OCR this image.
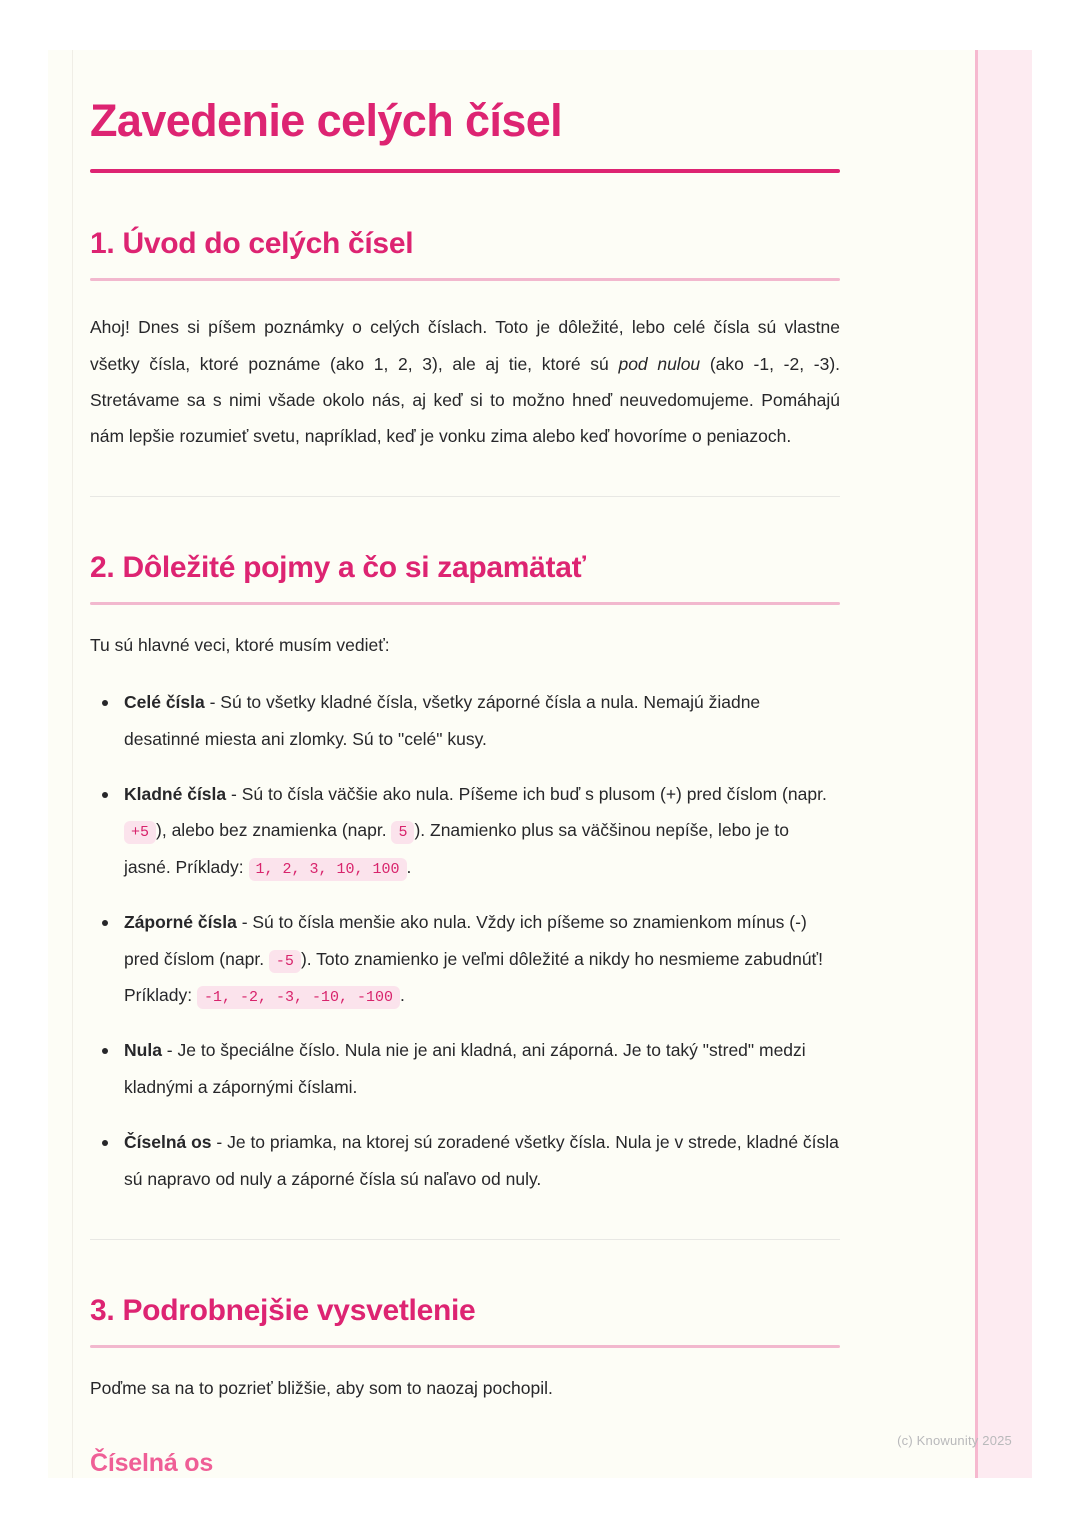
Zavedenie celých čísel
1. Úvod do celých čísel

Ahoj! Dnes si píšem poznámky o celých číslach. Toto je dôležité, lebo celé čísla sú vlastne všetky čísla, ktoré poznáme (ako 1, 2, 3), ale aj tie, ktoré sú pod nulou (ako -1, -2, -3). Stretávame sa s nimi všade okolo nás, aj keď si to možno hneď neuvedomujeme. Pomáhajú nám lepšie rozumieť svetu, napríklad, keď je vonku zima alebo keď hovoríme o peniazoch.

2. Dôležité pojmy a čo si zapamätať

Tu sú hlavné veci, ktoré musím vedieť:

Celé čísla - Sú to všetky kladné čísla, všetky záporné čísla a nula. Nemajú žiadne desatinné miesta ani zlomky. Sú to "celé" kusy.
Kladné čísla - Sú to čísla väčšie ako nula. Píšeme ich buď s plusom (+) pred číslom (napr. +5 ), alebo bez znamienka (napr. 5 ). Znamienko plus sa väčšinou nepíše, lebo je to jasné. Príklady: 1, 2, 3, 10, 100 .
Záporné čísla - Sú to čísla menšie ako nula. Vždy ich píšeme so znamienkom mínus (-) pred číslom (napr. -5 ). Toto znamienko je veľmi dôležité a nikdy ho nesmieme zabudnúť! Príklady: -1, -2, -3, -10, -100 .
Nula - Je to špeciálne číslo. Nula nie je ani kladná, ani záporná. Je to taký "stred" medzi kladnými a zápornými číslami.
Číselná os - Je to priamka, na ktorej sú zoradené všetky čísla. Nula je v strede, kladné čísla sú napravo od nuly a záporné čísla sú naľavo od nuly.
3. Podrobnejšie vysvetlenie

Poďme sa na to pozrieť bližšie, aby som to naozaj pochopil.

Číselná os
(c) Knowunity 2025
